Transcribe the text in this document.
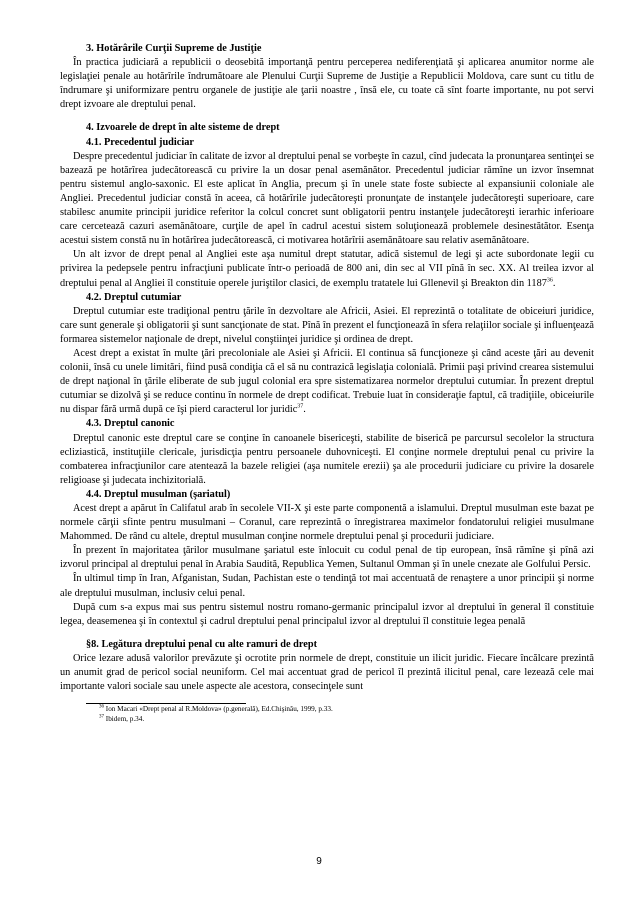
3. Hotărârile Curţii Supreme de Justiţie

În practica judiciară a republicii o deosebită importanţă pentru perceperea nediferenţiată şi aplicarea anumitor norme ale legislaţiei penale au hotărîrile îndrumătoare ale Plenului Curţii Supreme de Justiţie a Republicii Moldova, care sunt cu titlu de îndrumare şi uniformizare pentru organele de justiţie ale ţarii noastre , însă ele, cu toate că sînt foarte importante, nu pot servi drept izvoare ale dreptului penal.

4. Izvoarele de drept în alte sisteme de drept

4.1. Precedentul judiciar

Despre precedentul judiciar în calitate de izvor al dreptului penal se vorbeşte în cazul, cînd judecata la pronunţarea sentinţei se bazează pe hotărîrea judecătorească cu privire la un dosar penal asemănător. Precedentul judiciar rămîne un izvor însemnat pentru sistemul anglo-saxonic. El este aplicat în Anglia, precum şi în unele state foste subiecte al expansiunii coloniale ale Angliei. Precedentul judiciar constă în aceea, că hotărîrile judecătoreşti pronunţate de instanţele judecătoreşti superioare, care stabilesc anumite principii juridice referitor la colcul concret sunt obligatorii pentru instanţele judecătoreşti ierarhic inferioare care cercetează cazuri asemănătoare, curţile de apel în cadrul acestui sistem soluţionează problemele desinestătător. Esenţa acestui sistem constă nu în hotărîrea judecătorească, ci motivarea hotărîrii asemănătoare sau relativ asemănătoare.

Un alt izvor de drept penal al Angliei este aşa numitul drept statutar, adică sistemul de legi şi acte subordonate legii cu privirea la pedepsele pentru infracţiuni publicate într-o perioadă de 800 ani, din sec al VII pînă în sec. XX. Al treilea izvor al dreptului penal al Angliei îl constituie operele juriştilor clasici, de exemplu tratatele lui Gllenevil şi Breakton din 1187$^{36}$.

4.2. Dreptul cutumiar

Dreptul cutumiar este tradiţional pentru ţările în dezvoltare ale Africii, Asiei. El reprezintă o totalitate de obiceiuri juridice, care sunt generale şi obligatorii şi sunt sancţionate de stat. Pînă în prezent el funcţionează în sfera relaţiilor sociale şi influenţează formarea sistemelor naţionale de drept, nivelul conştiinţei juridice şi ordinea de drept.

Acest drept a existat în multe ţări precoloniale ale Asiei şi Africii. El continua să funcţioneze şi când aceste ţări au devenit colonii, însă cu unele limitări, fiind pusă condiţia că el să nu contrazică legislaţia colonială. Primii paşi privind crearea sistemului de drept naţional în ţările eliberate de sub jugul colonial era spre sistematizarea normelor dreptului cutumiar. În prezent dreptul cutumiar se dizolvă şi se reduce continu în normele de drept codificat. Trebuie luat în consideraţie faptul, că tradiţiile, obiceiurile nu dispar fără urmă după ce îşi pierd caracterul lor juridic$^{37}$.

4.3. Dreptul canonic

Dreptul canonic este dreptul care se conţine în canoanele bisericeşti, stabilite de biserică pe parcursul secolelor la structura ecliziastică, instituţiile clericale, jurisdicţia pentru persoanele duhovniceşti. El conţine normele dreptului penal cu privire la combaterea infracţiunilor care atentează la bazele religiei (aşa numitele erezii) şa ale procedurii judiciare cu privire la dosarele religioase şi judecata inchizitorială.

4.4. Dreptul musulman (şariatul)

Acest drept a apărut în Califatul arab în secolele VII-X şi este parte componentă a islamului. Dreptul musulman este bazat pe normele cărţii sfinte pentru musulmani – Coranul, care reprezintă o înregistrarea maximelor fondatorului religiei musulmane Mahommed. De rând cu altele, dreptul musulman conţine normele dreptului penal şi procedurii judiciare.

În prezent în majoritatea ţărilor musulmane şariatul este înlocuit cu codul penal de tip european, însă rămîne şi pînă azi izvorul principal al dreptului penal în Arabia Saudită, Republica Yemen, Sultanul Omman şi în unele cnezate ale Golfului Persic.

În ultimul timp în Iran, Afganistan, Sudan, Pachistan este o tendinţă tot mai accentuată de renaştere a unor principii şi norme ale dreptului musulman, inclusiv celui penal.

După cum s-a expus mai sus pentru sistemul nostru romano-germanic principalul izvor al dreptului în general îl constituie legea, deasemenea şi în contextul şi cadrul dreptului penal principalul izvor al dreptului îl constituie legea penală

§8. Legătura dreptului penal cu alte ramuri de drept

Orice lezare adusă valorilor prevăzute şi ocrotite prin normele de drept, constituie un ilicit juridic. Fiecare încălcare prezintă un anumit grad de pericol social neuniform. Cel mai accentuat grad de pericol îl prezintă ilicitul penal, care lezează cele mai importante valori sociale sau unele aspecte ale acestora, consecinţele sunt

$^{36}$ Ion Macari «Drept penal al R.Moldova» (p.generală), Ed.Chişinău, 1999, p.33.

$^{37}$ Ibidem, p.34.

9
